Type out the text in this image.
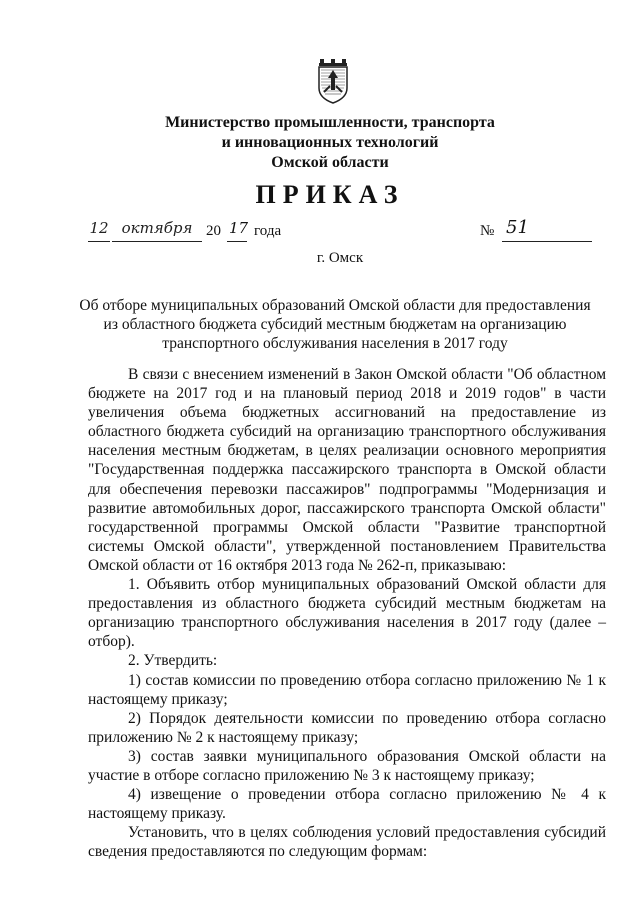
Министерство промышленности, транспорта
и инновационных технологий
Омской области
ПРИКАЗ
12 октября 20 17 года	№ 51
г. Омск
Об отборе муниципальных образований Омской области для предоставления
из областного бюджета субсидий местным бюджетам на организацию
транспортного обслуживания населения в 2017 году

В связи с внесением изменений в Закон Омской области "Об областном бюджете на 2017 год и на плановый период 2018 и 2019 годов" в части увеличения объема бюджетных ассигнований на предоставление из областного бюджета субсидий на организацию транспортного обслуживания населения местным бюджетам, в целях реализации основного мероприятия "Государственная поддержка пассажирского транспорта в Омской области для обеспечения перевозки пассажиров" подпрограммы "Модернизация и развитие автомобильных дорог, пассажирского транспорта Омской области" государственной программы Омской области "Развитие транспортной системы Омской области", утвержденной постановлением Правительства Омской области от 16 октября 2013 года № 262-п, приказываю:

1. Объявить отбор муниципальных образований Омской области для предоставления из областного бюджета субсидий местным бюджетам на организацию транспортного обслуживания населения в 2017 году (далее – отбор).

2. Утвердить:

1) состав комиссии по проведению отбора согласно приложению № 1 к настоящему приказу;

2) Порядок деятельности комиссии по проведению отбора согласно приложению № 2 к настоящему приказу;

3) состав заявки муниципального образования Омской области на участие в отборе согласно приложению № 3 к настоящему приказу;

4) извещение о проведении отбора согласно приложению № 4 к настоящему приказу.

Установить, что в целях соблюдения условий предоставления субсидий сведения предоставляются по следующим формам:
